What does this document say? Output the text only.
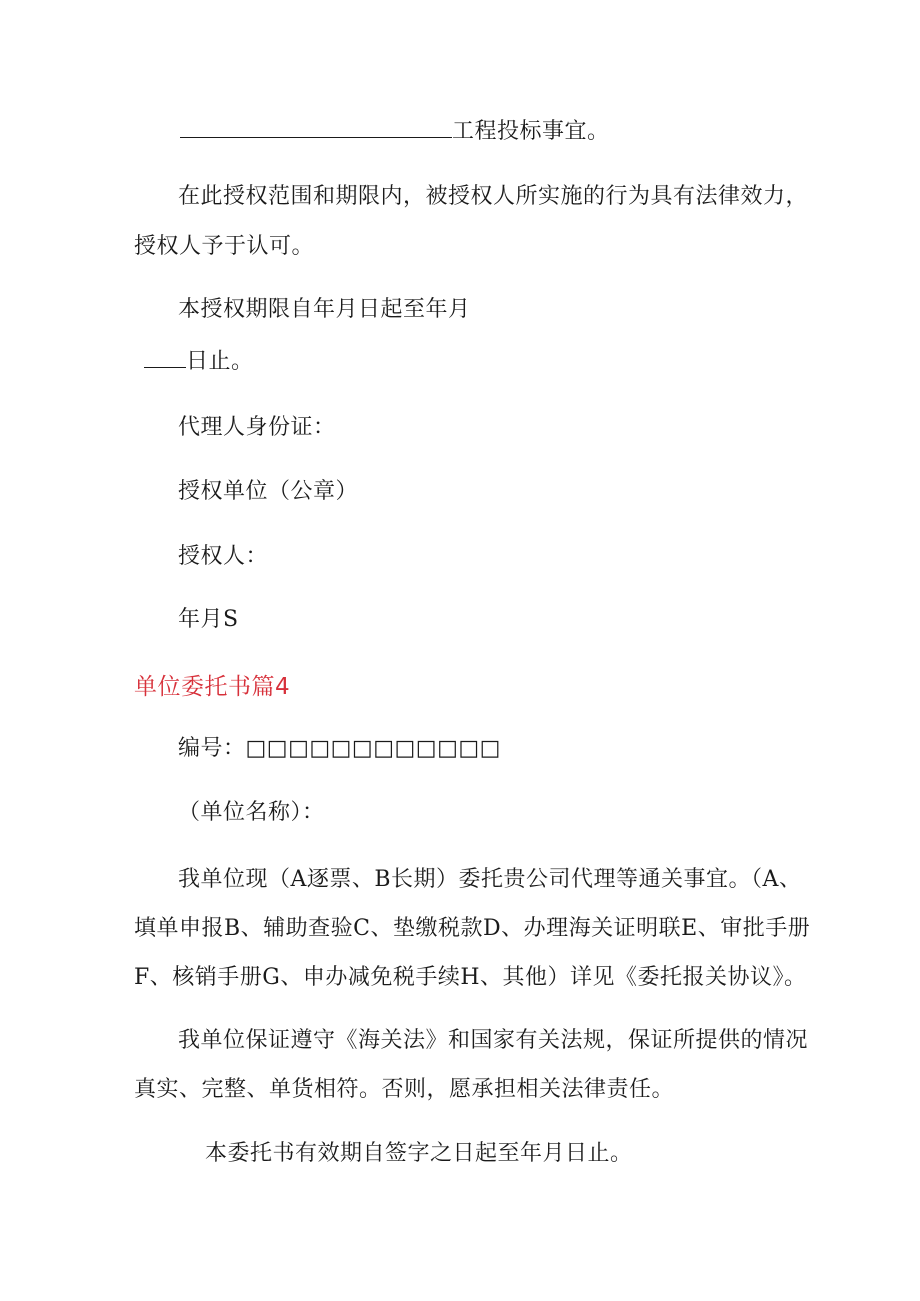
工程投标事宜。
在此授权范围和期限内，被授权人所实施的行为具有法律效力，
授权人予于认可。
本授权期限自年月日起至年月
日止。
代理人身份证：
授权单位（公章）
授权人：
年月S
单位委托书篇4
编号：□□□□□□□□□□□□
（单位名称）：
我单位现（A逐票、B长期）委托贵公司代理等通关事宜。（A、
填单申报B、辅助查验C、垫缴税款D、办理海关证明联E、审批手册
F、核销手册G、申办减免税手续H、其他）详见《委托报关协议》。
我单位保证遵守《海关法》和国家有关法规，保证所提供的情况
真实、完整、单货相符。否则，愿承担相关法律责任。
本委托书有效期自签字之日起至年月日止。
